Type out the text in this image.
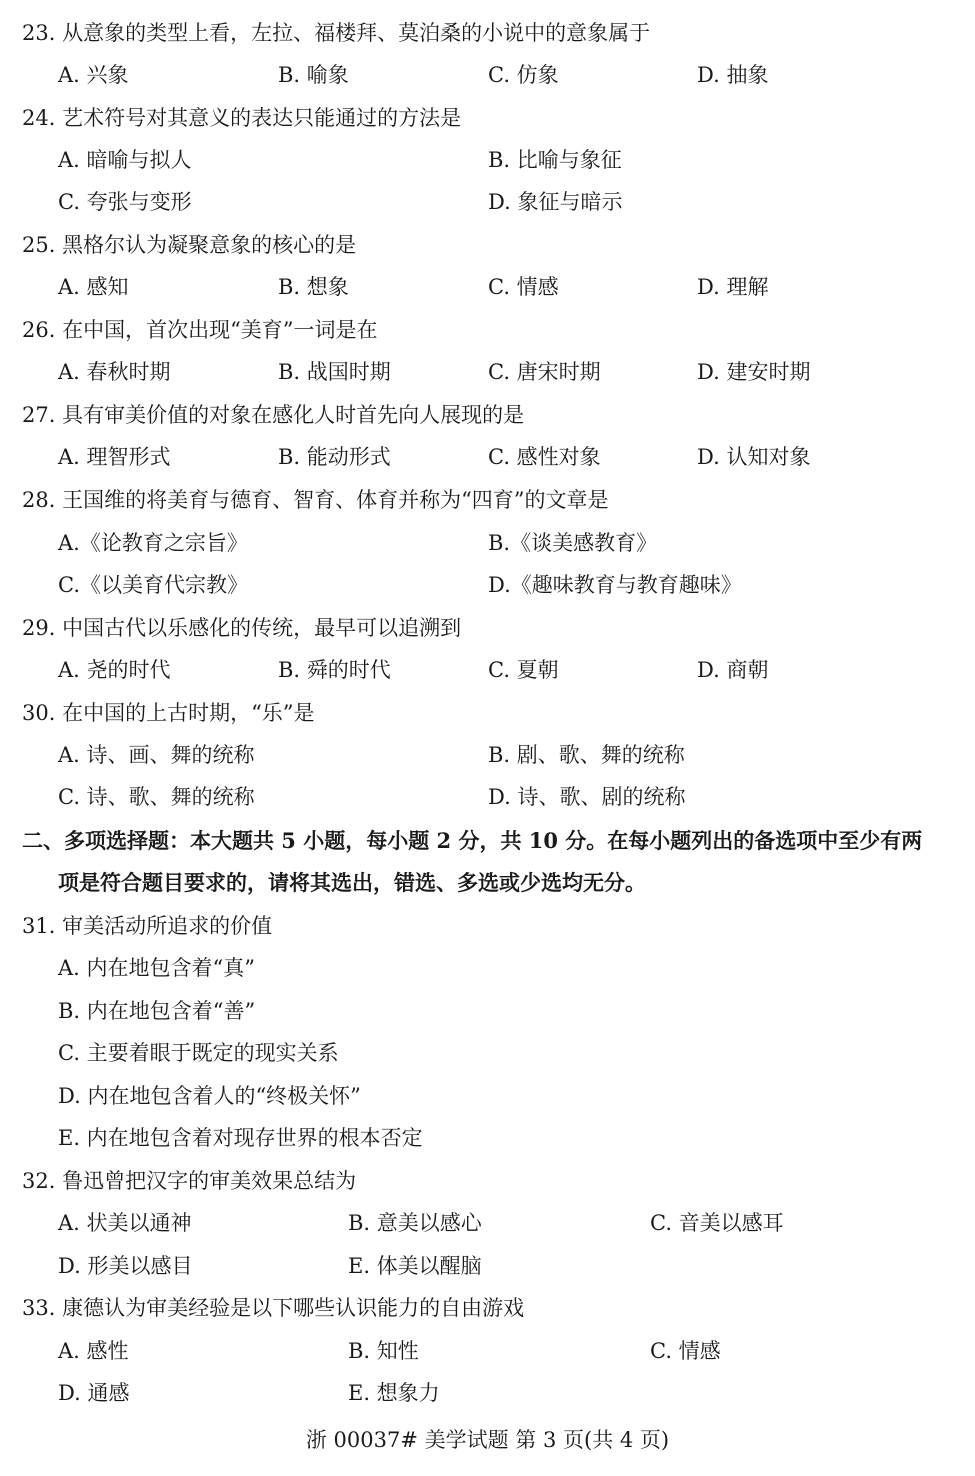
23. 从意象的类型上看，左拉、福楼拜、莫泊桑的小说中的意象属于
A. 兴象	B. 喻象	C. 仿象	D. 抽象
24. 艺术符号对其意义的表达只能通过的方法是
A. 暗喻与拟人	B. 比喻与象征
C. 夸张与变形	D. 象征与暗示
25. 黑格尔认为凝聚意象的核心的是
A. 感知	B. 想象	C. 情感	D. 理解
26. 在中国，首次出现“美育”一词是在
A. 春秋时期	B. 战国时期	C. 唐宋时期	D. 建安时期
27. 具有审美价值的对象在感化人时首先向人展现的是
A. 理智形式	B. 能动形式	C. 感性对象	D. 认知对象
28. 王国维的将美育与德育、智育、体育并称为“四育”的文章是
A.《论教育之宗旨》	B.《谈美感教育》
C.《以美育代宗教》	D.《趣味教育与教育趣味》
29. 中国古代以乐感化的传统，最早可以追溯到
A. 尧的时代	B. 舜的时代	C. 夏朝	D. 商朝
30. 在中国的上古时期，“乐”是
A. 诗、画、舞的统称	B. 剧、歌、舞的统称
C. 诗、歌、舞的统称	D. 诗、歌、剧的统称
二、多项选择题：本大题共 5 小题，每小题 2 分，共 10 分。在每小题列出的备选项中至少有两
项是符合题目要求的，请将其选出，错选、多选或少选均无分。
31. 审美活动所追求的价值
A. 内在地包含着“真”
B. 内在地包含着“善”
C. 主要着眼于既定的现实关系
D. 内在地包含着人的“终极关怀”
E. 内在地包含着对现存世界的根本否定
32. 鲁迅曾把汉字的审美效果总结为
A. 状美以通神	B. 意美以感心	C. 音美以感耳
D. 形美以感目	E. 体美以醒脑
33. 康德认为审美经验是以下哪些认识能力的自由游戏
A. 感性	B. 知性	C. 情感
D. 通感	E. 想象力
浙 00037# 美学试题 第 3 页(共 4 页)
